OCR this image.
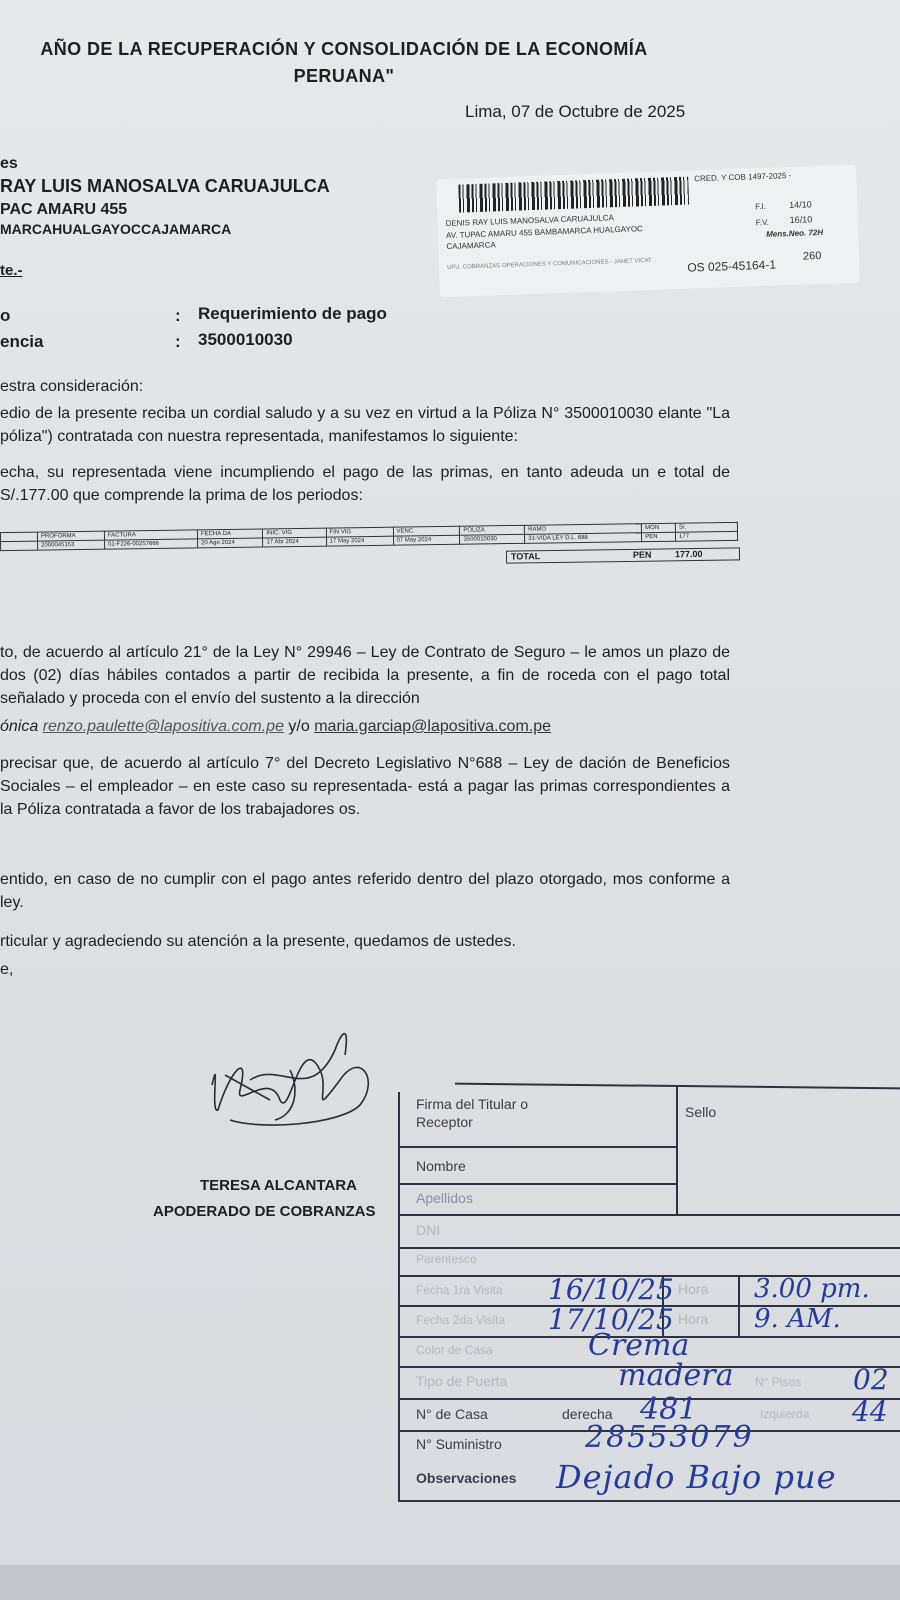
AÑO DE LA RECUPERACIÓN Y CONSOLIDACIÓN DE LA ECONOMÍA PERUANA"
Lima, 07 de Octubre de 2025
es
RAY LUIS MANOSALVA CARUAJULCA
PAC AMARU 455
MARCAHUALGAYOCCAJAMARCA
te.-
CRED. Y COB 1497-2025 -
DENIS RAY LUIS MANOSALVA CARUAJULCA
AV. TUPAC AMARU 455 BAMBAMARCA HUALGAYOC
CAJAMARCA
F.I.	14/10
F.V. 16/10
Mens.Neo. 72H
UFU. COBRANZAS OPERACIONES Y COMUNICACIONES - JANET VICAT	OS 025-45164-1
260
o	: Requerimiento de pago
encia	: 3500010030
estra consideración:
edio de la presente reciba un cordial saludo y a su vez en virtud a la Póliza N° 3500010030 elante "La póliza") contratada con nuestra representada, manifestamos lo siguiente:
echa, su representada viene incumpliendo el pago de las primas, en tanto adeuda un e total de S/.177.00 que comprende la prima de los periodos:
	PROFORMA	FACTURA	FECHA DA	INIC. VIG	FIN VIG	VENC.	POLIZA	RAMO	MON	S/.
	2000045153	01-F226-00257666	20 Ago 2024	17 Abr 2024	17 May 2024	07 May 2024	3500010030	31-VIDA LEY D.L. 688	PEN	177
TOTAL	PEN	177.00
to, de acuerdo al artículo 21° de la Ley N° 29946 – Ley de Contrato de Seguro – le amos un plazo de dos (02) días hábiles contados a partir de recibida la presente, a fin de roceda con el pago total señalado y proceda con el envío del sustento a la dirección
ónica renzo.paulette@lapositiva.com.pe y/o maria.garciap@lapositiva.com.pe
precisar que, de acuerdo al artículo 7° del Decreto Legislativo N°688 – Ley de dación de Beneficios Sociales – el empleador – en este caso su representada- está a pagar las primas correspondientes a la Póliza contratada a favor de los trabajadores os.
entido, en caso de no cumplir con el pago antes referido dentro del plazo otorgado, mos conforme a ley.
rticular y agradeciendo su atención a la presente, quedamos de ustedes.
e,
TERESA ALCANTARA
APODERADO DE COBRANZAS
Firma del Titular o Receptor
Sello
Nombre
Apellidos
DNI
Parentesco
Fecha 1ra Visita 16/10/25 Hora 3.00 pm.
Fecha 2da Visita 17/10/25 Hora 9. AM.
Color de Casa	Crema
Tipo de Puerta	madera N° Pisos 02
N° de Casa	derecha 481	Izquierda 44
N° Suministro	28553079
Observaciones Dejado Bajo pue
